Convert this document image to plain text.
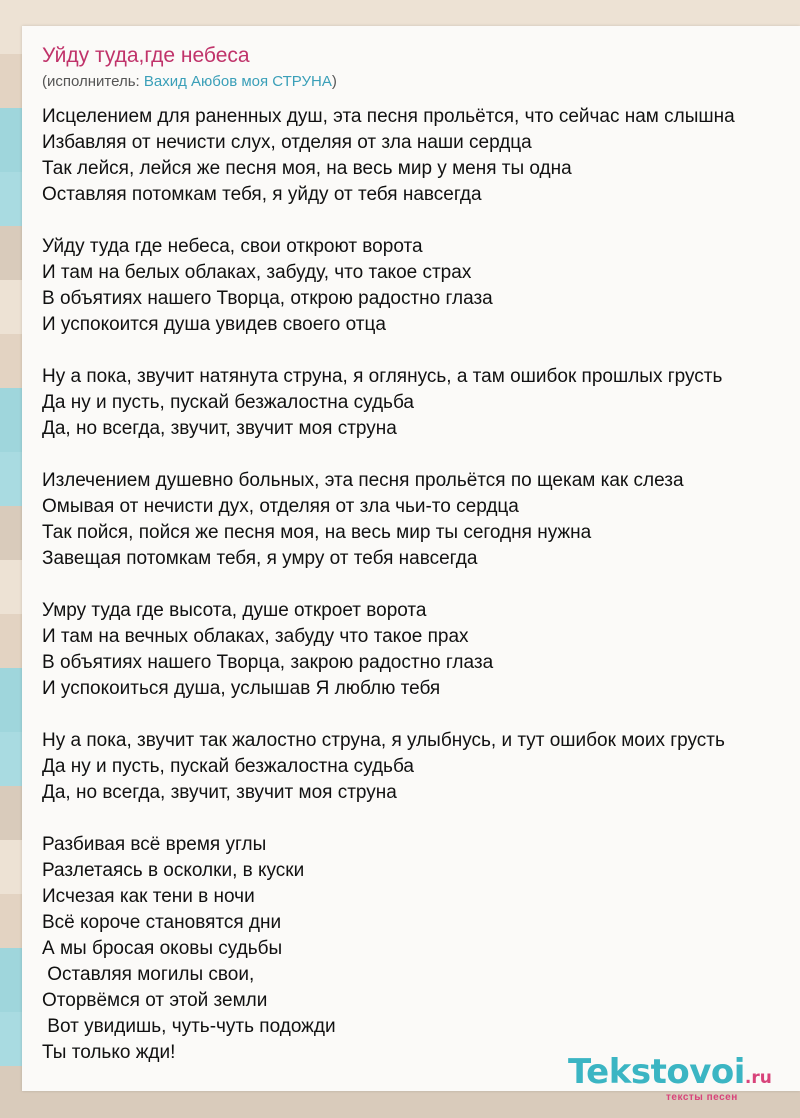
Уйду туда,где небеса
(исполнитель: Вахид Аюбов моя СТРУНА)
Исцелением для раненных душ, эта песня прольётся, что сейчас нам слышна
Избавляя от нечисти слух, отделяя от зла наши сердца
Так лейся, лейся же песня моя, на весь мир у меня ты одна
Оставляя потомкам тебя, я уйду от тебя навсегда
Уйду туда где небеса, свои откроют ворота
И там на белых облаках, забуду, что такое страх
В объятиях нашего Творца, открою радостно глаза
И успокоится душа увидев своего отца
Ну а пока, звучит натянута струна, я оглянусь, а там ошибок прошлых грусть
Да ну и пусть, пускай безжалостна судьба
Да, но всегда, звучит, звучит моя струна
Излечением душевно больных, эта песня прольётся по щекам как слеза
Омывая от нечисти дух, отделяя от зла чьи-то сердца
Так пойся, пойся же песня моя, на весь мир ты сегодня нужна
Завещая потомкам тебя, я умру от тебя навсегда
Умру туда где высота, душе откроет ворота
И там на вечных облаках, забуду что такое прах
В объятиях нашего Творца, закрою радостно глаза
И успокоиться душа, услышав Я люблю тебя
Ну а пока, звучит так жалостно струна, я улыбнусь, и тут ошибок моих грусть
Да ну и пусть, пускай безжалостна судьба
Да, но всегда, звучит, звучит моя струна
Разбивая всё время углы
Разлетаясь в осколки, в куски
Исчезая как тени в ночи
Всё короче становятся дни
А мы бросая оковы судьбы
Оставляя могилы свои,
Оторвёмся от этой земли
Вот увидишь, чуть-чуть подожди
Ты только жди!	Tekstovoi.ru
тексты песен
